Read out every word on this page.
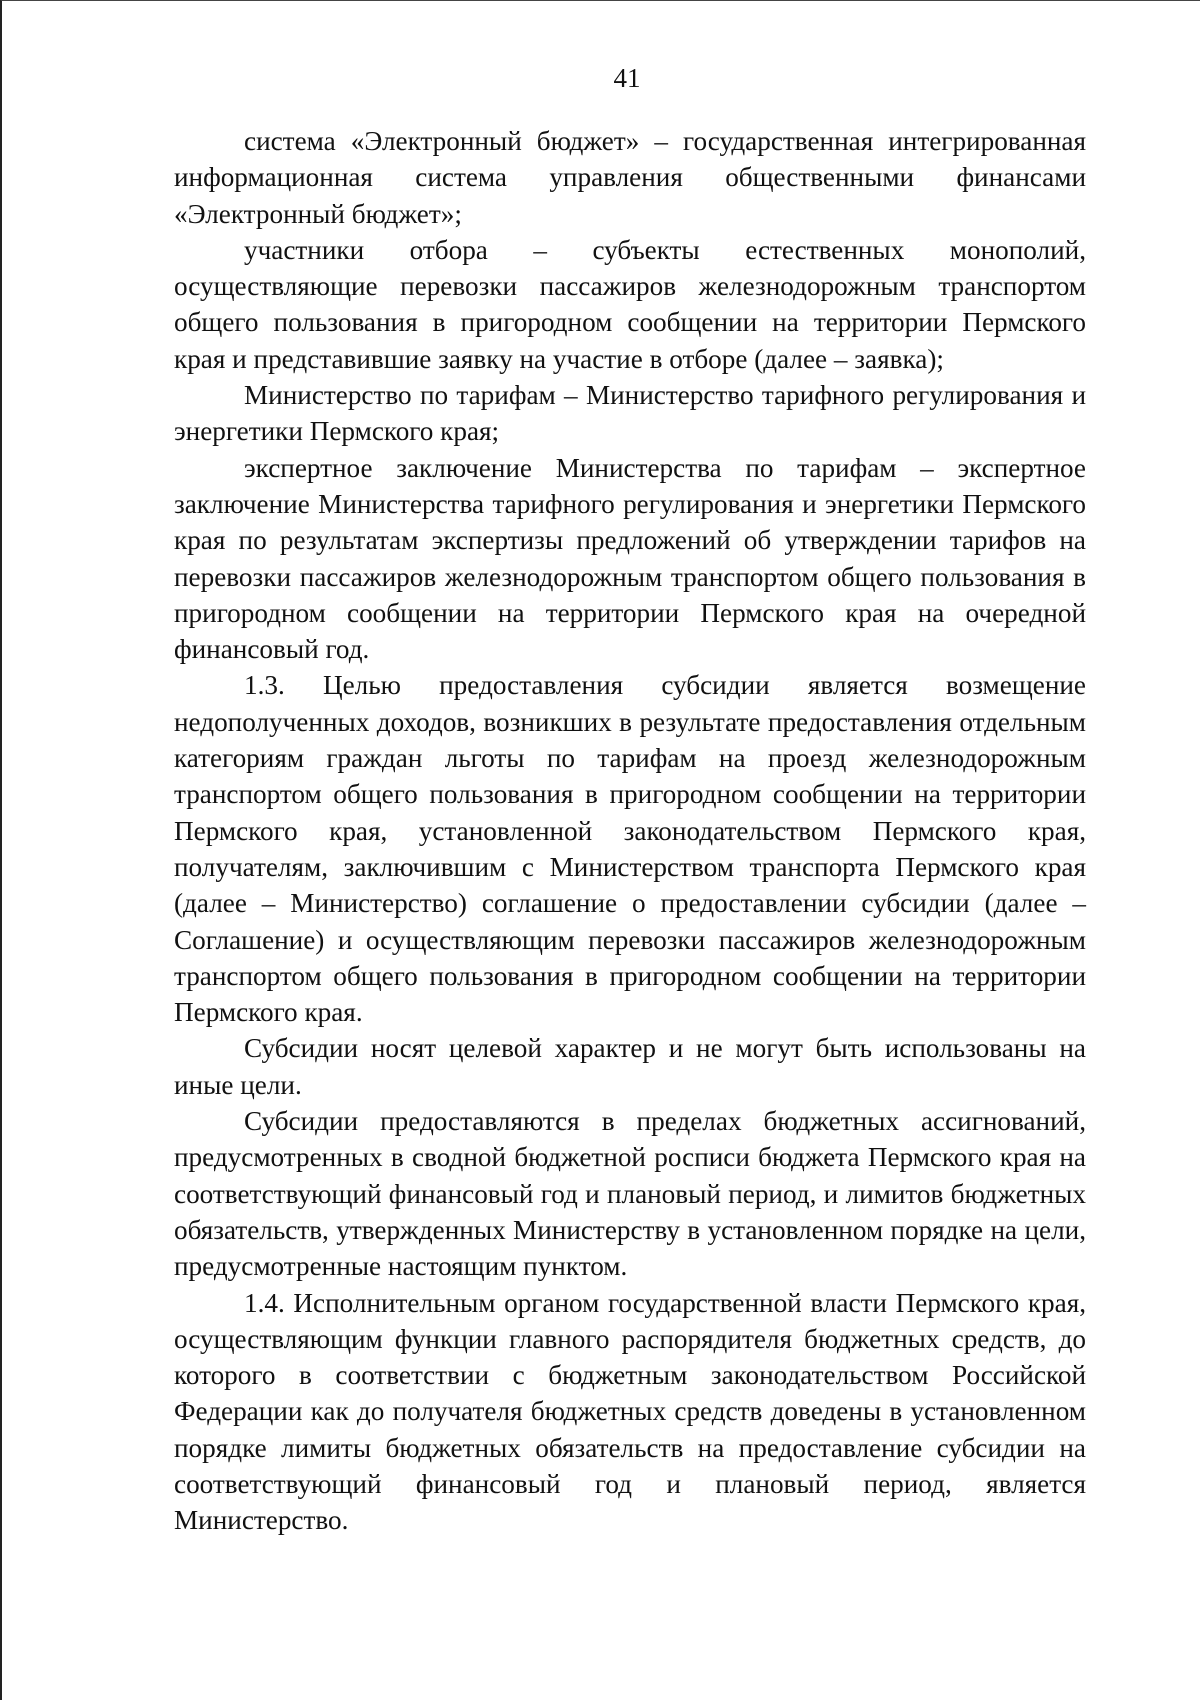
41

система «Электронный бюджет» – государственная интегрированная информационная система управления общественными финансами «Электронный бюджет»;

участники отбора – субъекты естественных монополий, осуществляющие перевозки пассажиров железнодорожным транспортом общего пользования в пригородном сообщении на территории Пермского края и представившие заявку на участие в отборе (далее – заявка);

Министерство по тарифам – Министерство тарифного регулирования и энергетики Пермского края;

экспертное заключение Министерства по тарифам – экспертное заключение Министерства тарифного регулирования и энергетики Пермского края по результатам экспертизы предложений об утверждении тарифов на перевозки пассажиров железнодорожным транспортом общего пользования в пригородном сообщении на территории Пермского края на очередной финансовый год.

1.3. Целью предоставления субсидии является возмещение недополученных доходов, возникших в результате предоставления отдельным категориям граждан льготы по тарифам на проезд железнодорожным транспортом общего пользования в пригородном сообщении на территории Пермского края, установленной законодательством Пермского края, получателям, заключившим с Министерством транспорта Пермского края (далее – Министерство) соглашение о предоставлении субсидии (далее – Соглашение) и осуществляющим перевозки пассажиров железнодорожным транспортом общего пользования в пригородном сообщении на территории Пермского края.

Субсидии носят целевой характер и не могут быть использованы на иные цели.

Субсидии предоставляются в пределах бюджетных ассигнований, предусмотренных в сводной бюджетной росписи бюджета Пермского края на соответствующий финансовый год и плановый период, и лимитов бюджетных обязательств, утвержденных Министерству в установленном порядке на цели, предусмотренные настоящим пунктом.

1.4. Исполнительным органом государственной власти Пермского края, осуществляющим функции главного распорядителя бюджетных средств, до которого в соответствии с бюджетным законодательством Российской Федерации как до получателя бюджетных средств доведены в установленном порядке лимиты бюджетных обязательств на предоставление субсидии на соответствующий финансовый год и плановый период, является Министерство.
